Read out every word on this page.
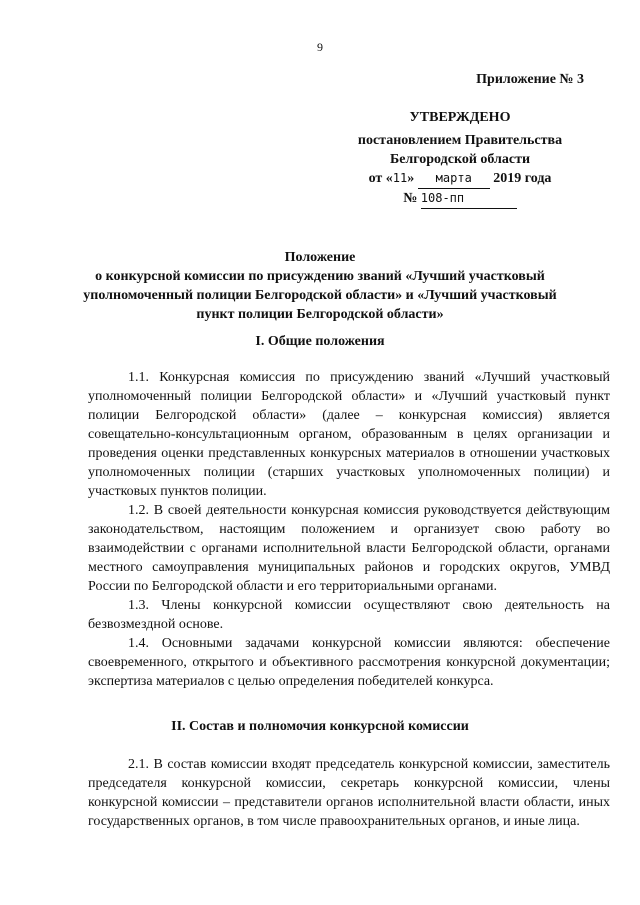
9
Приложение № 3
УТВЕРЖДЕНО
постановлением Правительства
Белгородской области
от «11» марта 2019 года
№ 108-пп
Положение
о конкурсной комиссии по присуждению званий «Лучший участковый
уполномоченный полиции Белгородской области» и «Лучший участковый
пункт полиции Белгородской области»
I. Общие положения

1.1. Конкурсная комиссия по присуждению званий «Лучший участковый уполномоченный полиции Белгородской области» и «Лучший участковый пункт полиции Белгородской области» (далее – конкурсная комиссия) является совещательно-консультационным органом, образованным в целях организации и проведения оценки представленных конкурсных материалов в отношении участковых уполномоченных полиции (старших участковых уполномоченных полиции) и участковых пунктов полиции.

1.2. В своей деятельности конкурсная комиссия руководствуется действующим законодательством, настоящим положением и организует свою работу во взаимодействии с органами исполнительной власти Белгородской области, органами местного самоуправления муниципальных районов и городских округов, УМВД России по Белгородской области и его территориальными органами.

1.3. Члены конкурсной комиссии осуществляют свою деятельность на безвозмездной основе.

1.4. Основными задачами конкурсной комиссии являются: обеспечение своевременного, открытого и объективного рассмотрения конкурсной документации; экспертиза материалов с целью определения победителей конкурса.

II. Состав и полномочия конкурсной комиссии

2.1. В состав комиссии входят председатель конкурсной комиссии, заместитель председателя конкурсной комиссии, секретарь конкурсной комиссии, члены конкурсной комиссии – представители органов исполнительной власти области, иных государственных органов, в том числе правоохранительных органов, и иные лица.
